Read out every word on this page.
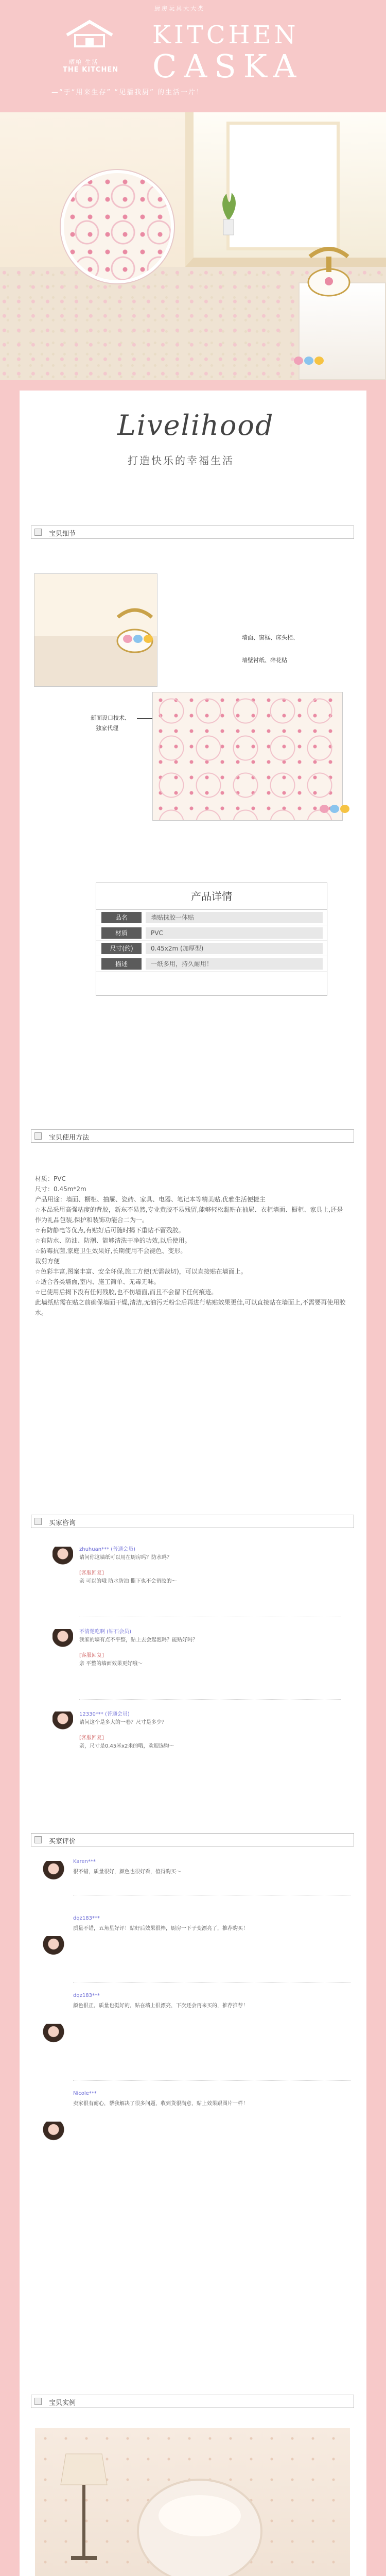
厨房玩具大大类
晒粮 生活
THE KITCHEN
KITCHEN
CASKA
—“于“用来生存” “见播我厨” 的生活一片！
Livelihood
打造快乐的幸福生活
宝贝细节
墙面、窗框、床头柜、
墙壁衬纸、碎花贴
新面设口技术、
独家代理
产品详情
品名	墙贴抹胶一体贴
材质	PVC
尺寸(约)	0.45x2m (加厚型)
描述	一纸多用，持久耐用！
宝贝使用方法
材质：PVC
尺寸：0.45m*2m
产品用途：墙面、橱柜、抽屉、瓷砖、家具、电器、笔记本等精美贴,优雅生活便捷主
☆本品采用高强粘度的背胶，新东不易然,专业黄胶不易残留,能够轻松黏贴在抽屉、衣柜墙面、橱柜、家具上,还是作为礼品包装,保护和装饰功能合二为一。
☆有防静电等优点,有贴好后可随时揭下重贴不留残胶。
☆有防水、防油、防潮、能够清洗干净的功效,以后使用。
☆防霉抗菌,家庭卫生效果好,长期使用不会褪色、变形。
裁剪方便
☆色彩丰富,图案丰富、安全环保,施工方便(无需裁切)，可以直接贴在墙面上。
☆适合各类墙面,室内、施工简单、无毒无味。
☆已使用后揭下没有任何残胶,也不伤墙面,而且不会留下任何痕迹。
此墙纸贴需在贴之前确保墙面干燥,清洁,无油污无粉尘后再进行粘贴效果更佳,可以直接贴在墙面上,不需要再使用胶水。
买家咨询
zhuhuan*** (普通会员)
请问你这墙纸可以用在厨房吗？防水吗？
[客服回复]
亲 可以的哦 防水防油 撕下也不会留胶的～
不清楚吃啊 (钻石会员)
我家的墙有点不平整，贴上去会起泡吗？能贴好吗？
[客服回复]
亲 平整的墙面效果更好哦～
12330*** (普通会员)
请问这个是多大的一卷？尺寸是多少？
[客服回复]
亲，尺寸是0.45米x2米的哦，欢迎选购～
买家评价
Karen***
很不错，质量很好，颜色也很好看，值得购买～
dqz183***
质量不错，五角星好评！贴好后效果很棒，厨房一下子变漂亮了，推荐购买！
dqz183***
颜色很正，质量也挺好的，贴在墙上很漂亮，下次还会再来买的，推荐推荐！
Nicole***
卖家很有耐心，帮我解决了很多问题，收到货很满意，贴上效果跟图片一样！
宝贝实例
